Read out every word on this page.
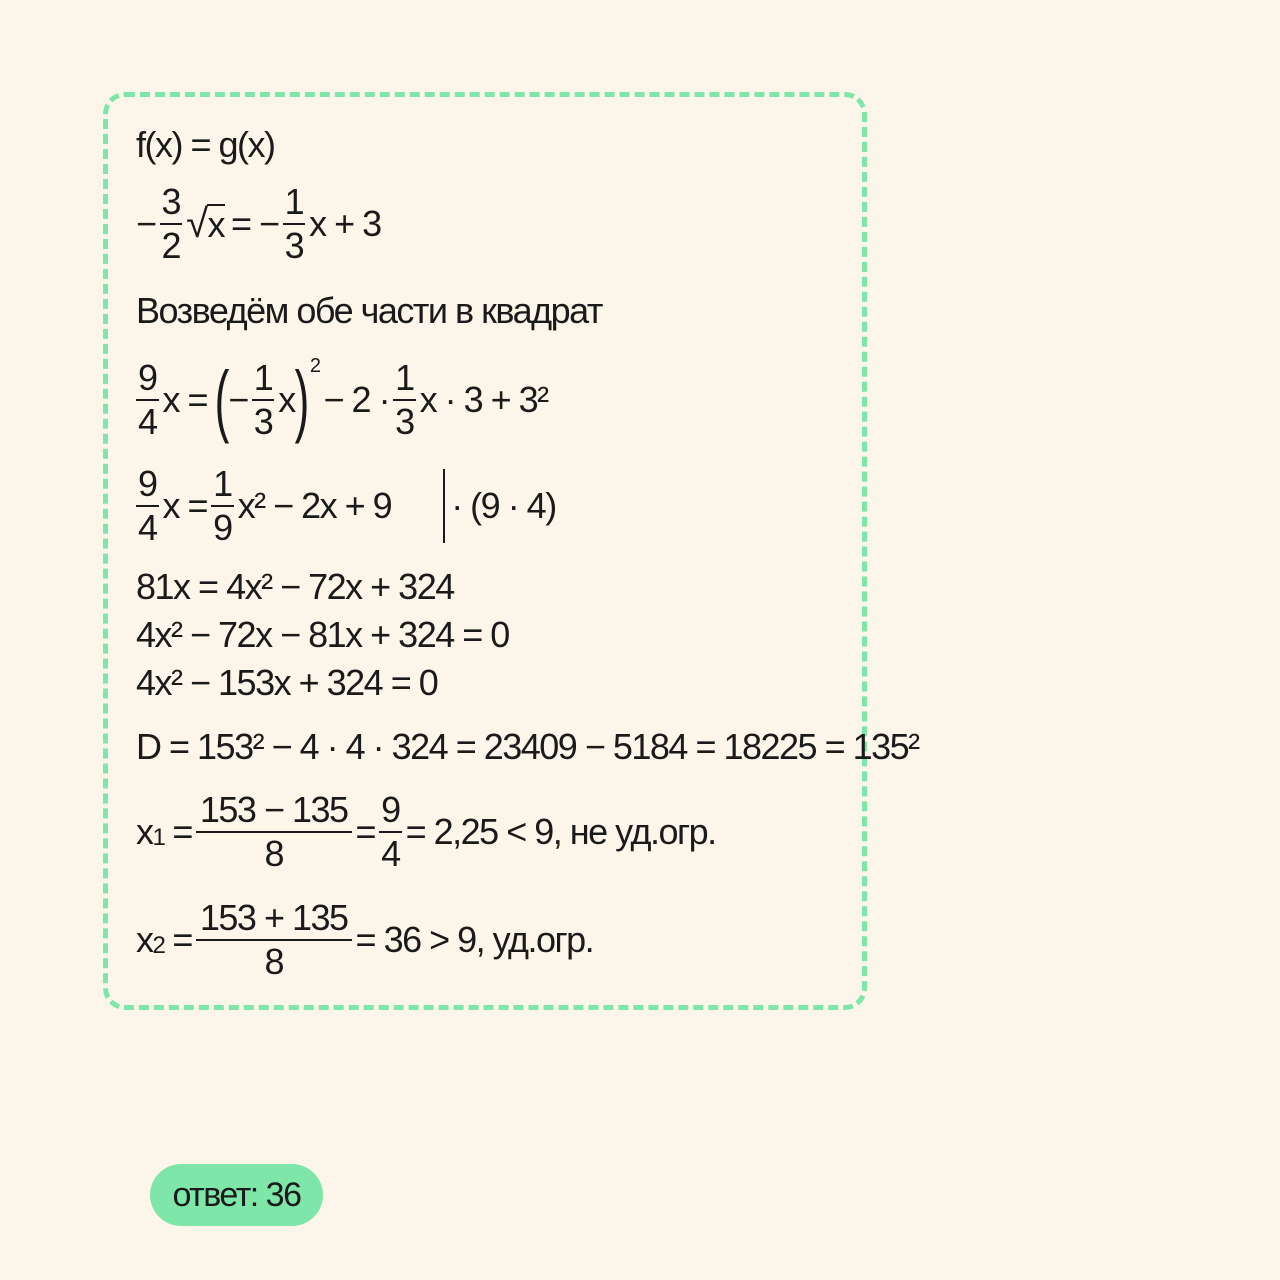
f(x) = g(x)
− $\frac{3}{2}$ √ x = − $\frac{1}{3}$ x + 3
Возведём обе части в квадрат
$\frac{9}{4}$ x = ( − $\frac{1}{3}$ x ) 2
− $2 \cdot \frac{1}{3}$ x · 3 + 3²
$\frac{9}{4}$ $x = \frac{1}{9} x^2 - 2x + 9 \cdot (9 \cdot 4)$
81x = 4x² − 72x + 324
4x² − 72x − 81x + 324 = 0
4x² − 153x + 324 = 0
D = 153² − 4 · 4 · 324 = 23409 − 5184 = 18225 = 135²
x $1 = \frac{153 - 135}{8} = \frac{9}{4} = 2,25 < 9$, не уд.огр.
x $2 = \frac{153 + 135}{8} = 36 > 9$, уд.огр.
ответ: 36
